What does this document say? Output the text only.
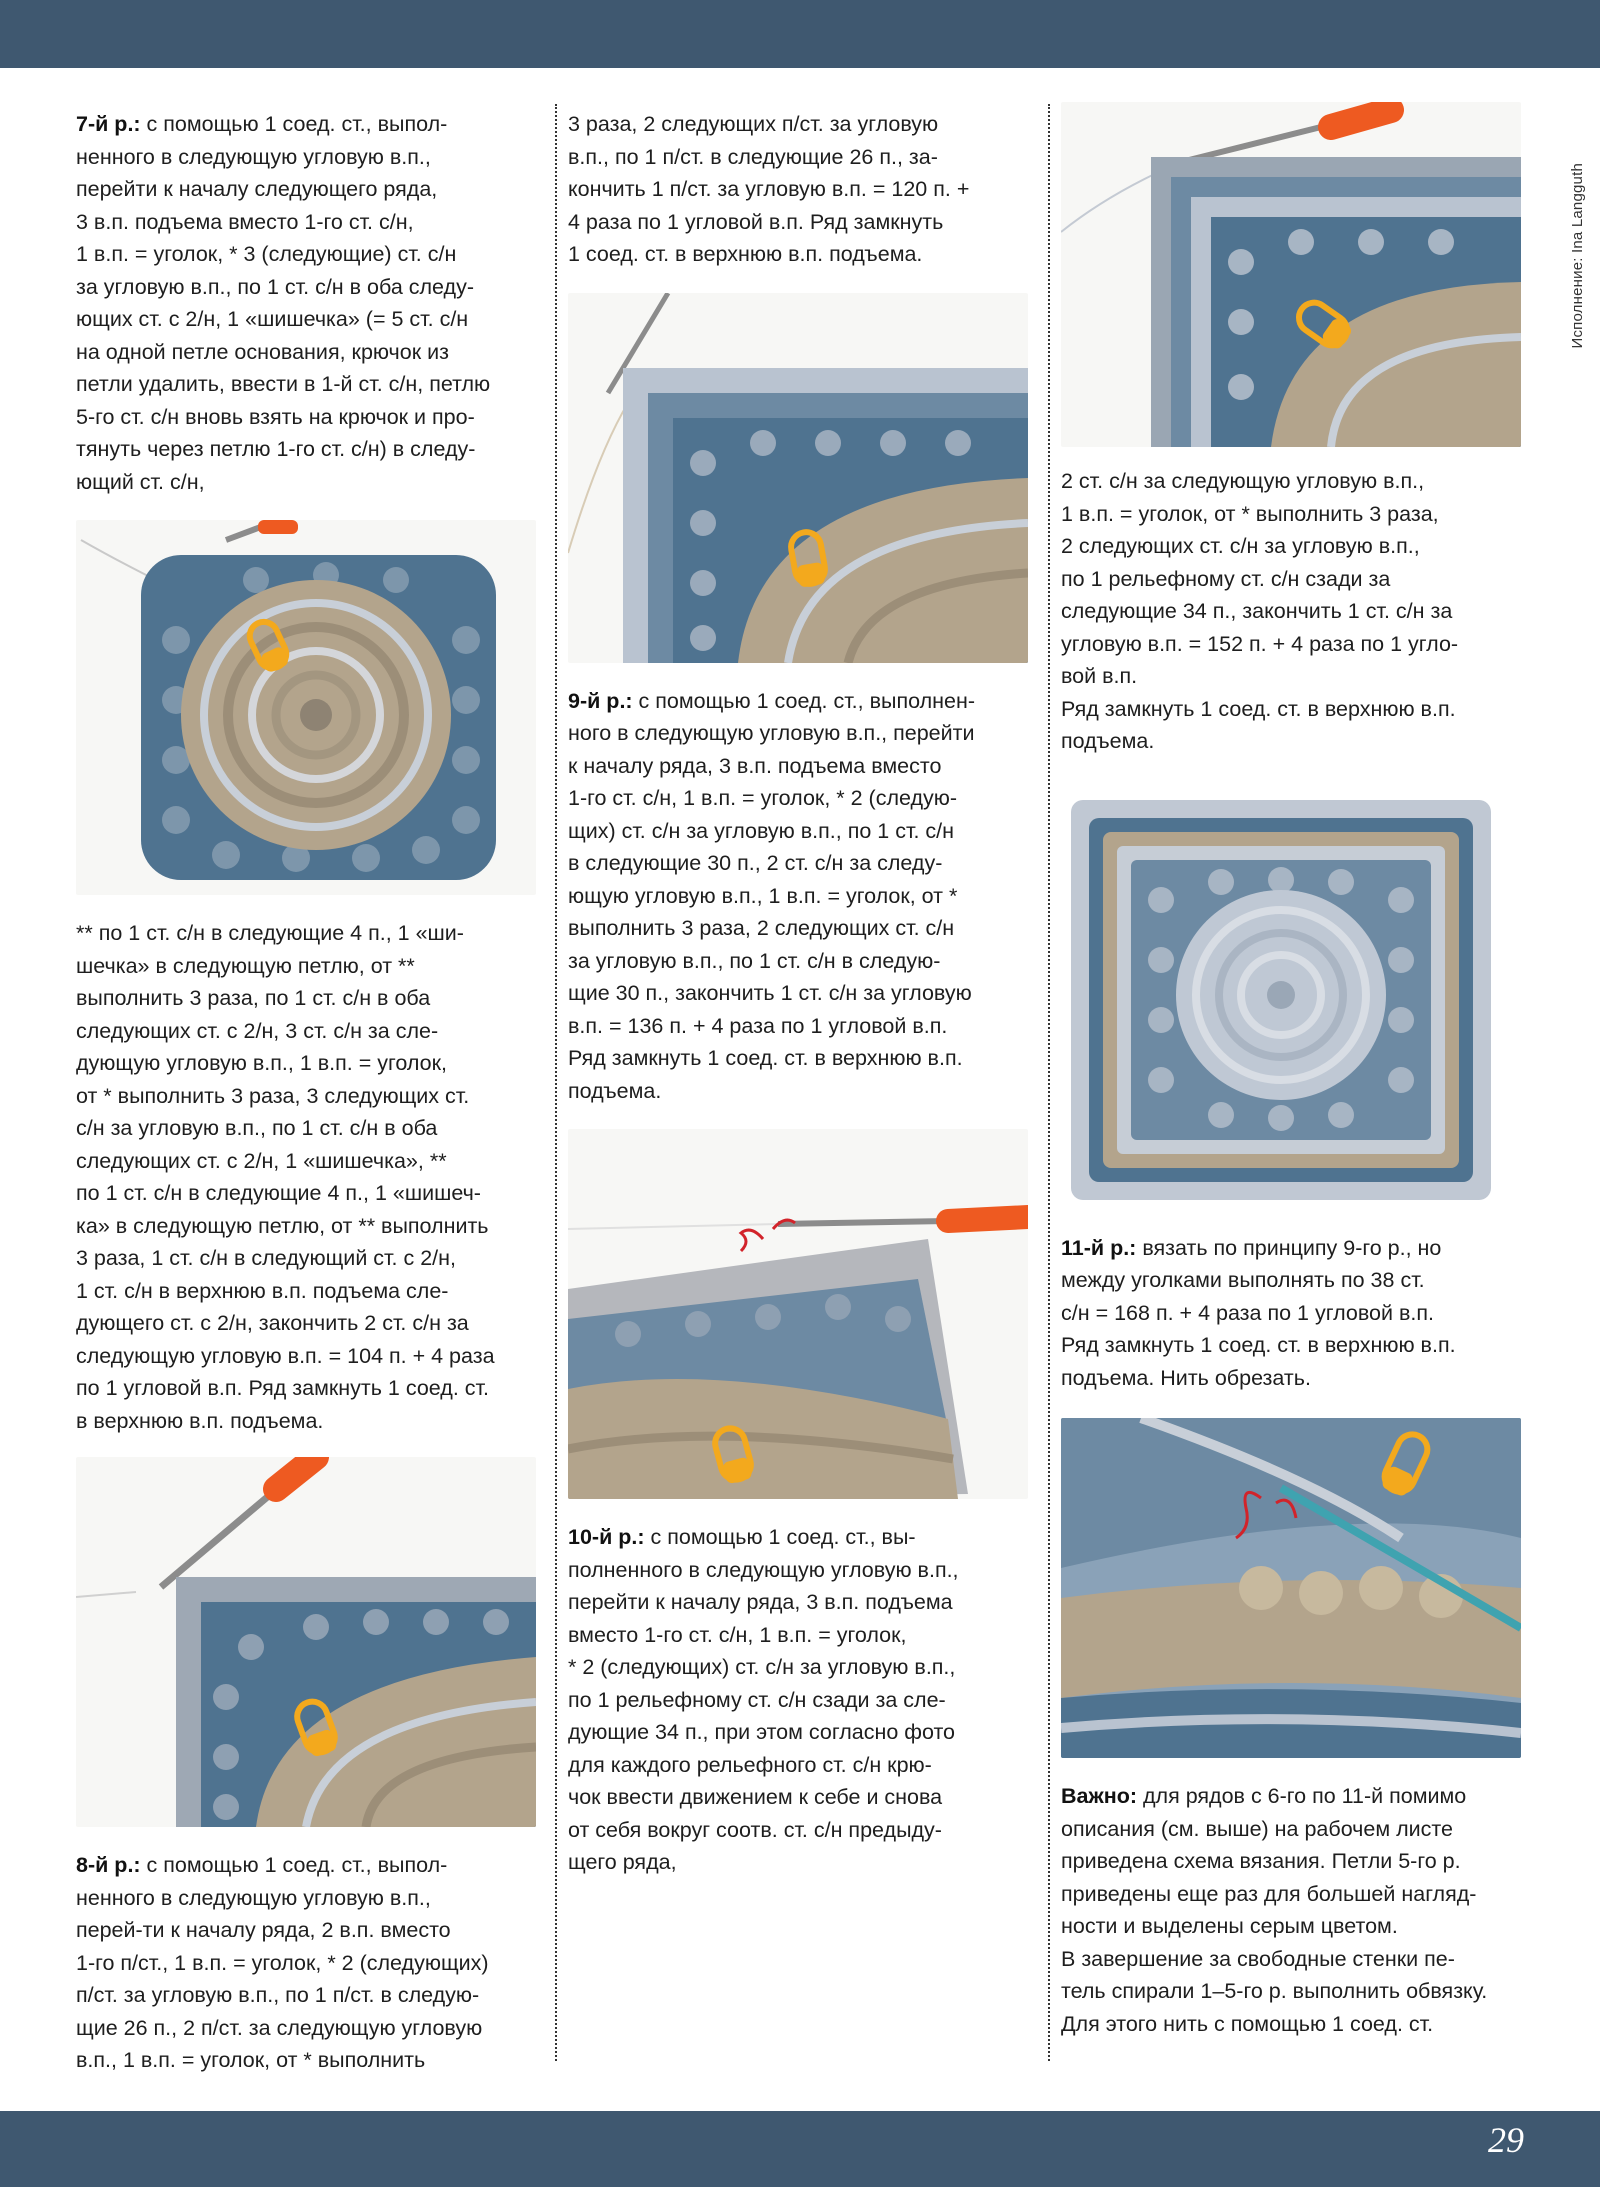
Исполнение: Ina Langguth

7-й р.: с помощью 1 соед. ст., выпол-
ненного в следующую угловую в.п.,
перейти к началу следующего ряда,
3 в.п. подъема вместо 1-го ст. с/н,
1 в.п. = уголок, * 3 (следующие) ст. с/н
за угловую в.п., по 1 ст. с/н в оба следу-
ющих ст. с 2/н, 1 «шишечка» (= 5 ст. с/н
на одной петле основания, крючок из
петли удалить, ввести в 1-й ст. с/н, петлю
5-го ст. с/н вновь взять на крючок и про-
тянуть через петлю 1-го ст. с/н) в следу-
ющий ст. с/н,

** по 1 ст. с/н в следующие 4 п., 1 «ши-
шечка» в следующую петлю, от **
выполнить 3 раза, по 1 ст. с/н в оба
следующих ст. с 2/н, 3 ст. с/н за сле-
дующую угловую в.п., 1 в.п. = уголок,
от * выполнить 3 раза, 3 следующих ст.
с/н за угловую в.п., по 1 ст. с/н в оба
следующих ст. с 2/н, 1 «шишечка», **
по 1 ст. с/н в следующие 4 п., 1 «шишеч-
ка» в следующую петлю, от ** выполнить
3 раза, 1 ст. с/н в следующий ст. с 2/н,
1 ст. с/н в верхнюю в.п. подъема сле-
дующего ст. с 2/н, закончить 2 ст. с/н за
следующую угловую в.п. = 104 п. + 4 раза
по 1 угловой в.п. Ряд замкнуть 1 соед. ст.
в верхнюю в.п. подъема.

8-й р.: с помощью 1 соед. ст., выпол-
ненного в следующую угловую в.п.,
перей-ти к началу ряда, 2 в.п. вместо
1-го п/ст., 1 в.п. = уголок, * 2 (следующих)
п/ст. за угловую в.п., по 1 п/ст. в следую-
щие 26 п., 2 п/ст. за следующую угловую
в.п., 1 в.п. = уголок, от * выполнить

3 раза, 2 следующих п/ст. за угловую
в.п., по 1 п/ст. в следующие 26 п., за-
кончить 1 п/ст. за угловую в.п. = 120 п. +
4 раза по 1 угловой в.п. Ряд замкнуть
1 соед. ст. в верхнюю в.п. подъема.

9-й р.: с помощью 1 соед. ст., выполнен-
ного в следующую угловую в.п., перейти
к началу ряда, 3 в.п. подъема вместо
1-го ст. с/н, 1 в.п. = уголок, * 2 (следую-
щих) ст. с/н за угловую в.п., по 1 ст. с/н
в следующие 30 п., 2 ст. с/н за следу-
ющую угловую в.п., 1 в.п. = уголок, от *
выполнить 3 раза, 2 следующих ст. с/н
за угловую в.п., по 1 ст. с/н в следую-
щие 30 п., закончить 1 ст. с/н за угловую
в.п. = 136 п. + 4 раза по 1 угловой в.п.
Ряд замкнуть 1 соед. ст. в верхнюю в.п.
подъема.

10-й р.: с помощью 1 соед. ст., вы-
полненного в следующую угловую в.п.,
перейти к началу ряда, 3 в.п. подъема
вместо 1-го ст. с/н, 1 в.п. = уголок,
* 2 (следующих) ст. с/н за угловую в.п.,
по 1 рельефному ст. с/н сзади за сле-
дующие 34 п., при этом согласно фото
для каждого рельефного ст. с/н крю-
чок ввести движением к себе и снова
от себя вокруг соотв. ст. с/н предыду-
щего ряда,

2 ст. с/н за следующую угловую в.п.,
1 в.п. = уголок, от * выполнить 3 раза,
2 следующих ст. с/н за угловую в.п.,
по 1 рельефному ст. с/н сзади за
следующие 34 п., закончить 1 ст. с/н за
угловую в.п. = 152 п. + 4 раза по 1 угло-
вой в.п.
Ряд замкнуть 1 соед. ст. в верхнюю в.п.
подъема.

11-й р.: вязать по принципу 9-го р., но
между уголками выполнять по 38 ст.
с/н = 168 п. + 4 раза по 1 угловой в.п.
Ряд замкнуть 1 соед. ст. в верхнюю в.п.
подъема. Нить обрезать.

Важно: для рядов с 6-го по 11-й помимо
описания (см. выше) на рабочем листе
приведена схема вязания. Петли 5-го р.
приведены еще раз для большей нагляд-
ности и выделены серым цветом.
В завершение за свободные стенки пе-
тель спирали 1–5-го р. выполнить обвязку.
Для этого нить с помощью 1 соед. ст.

29
